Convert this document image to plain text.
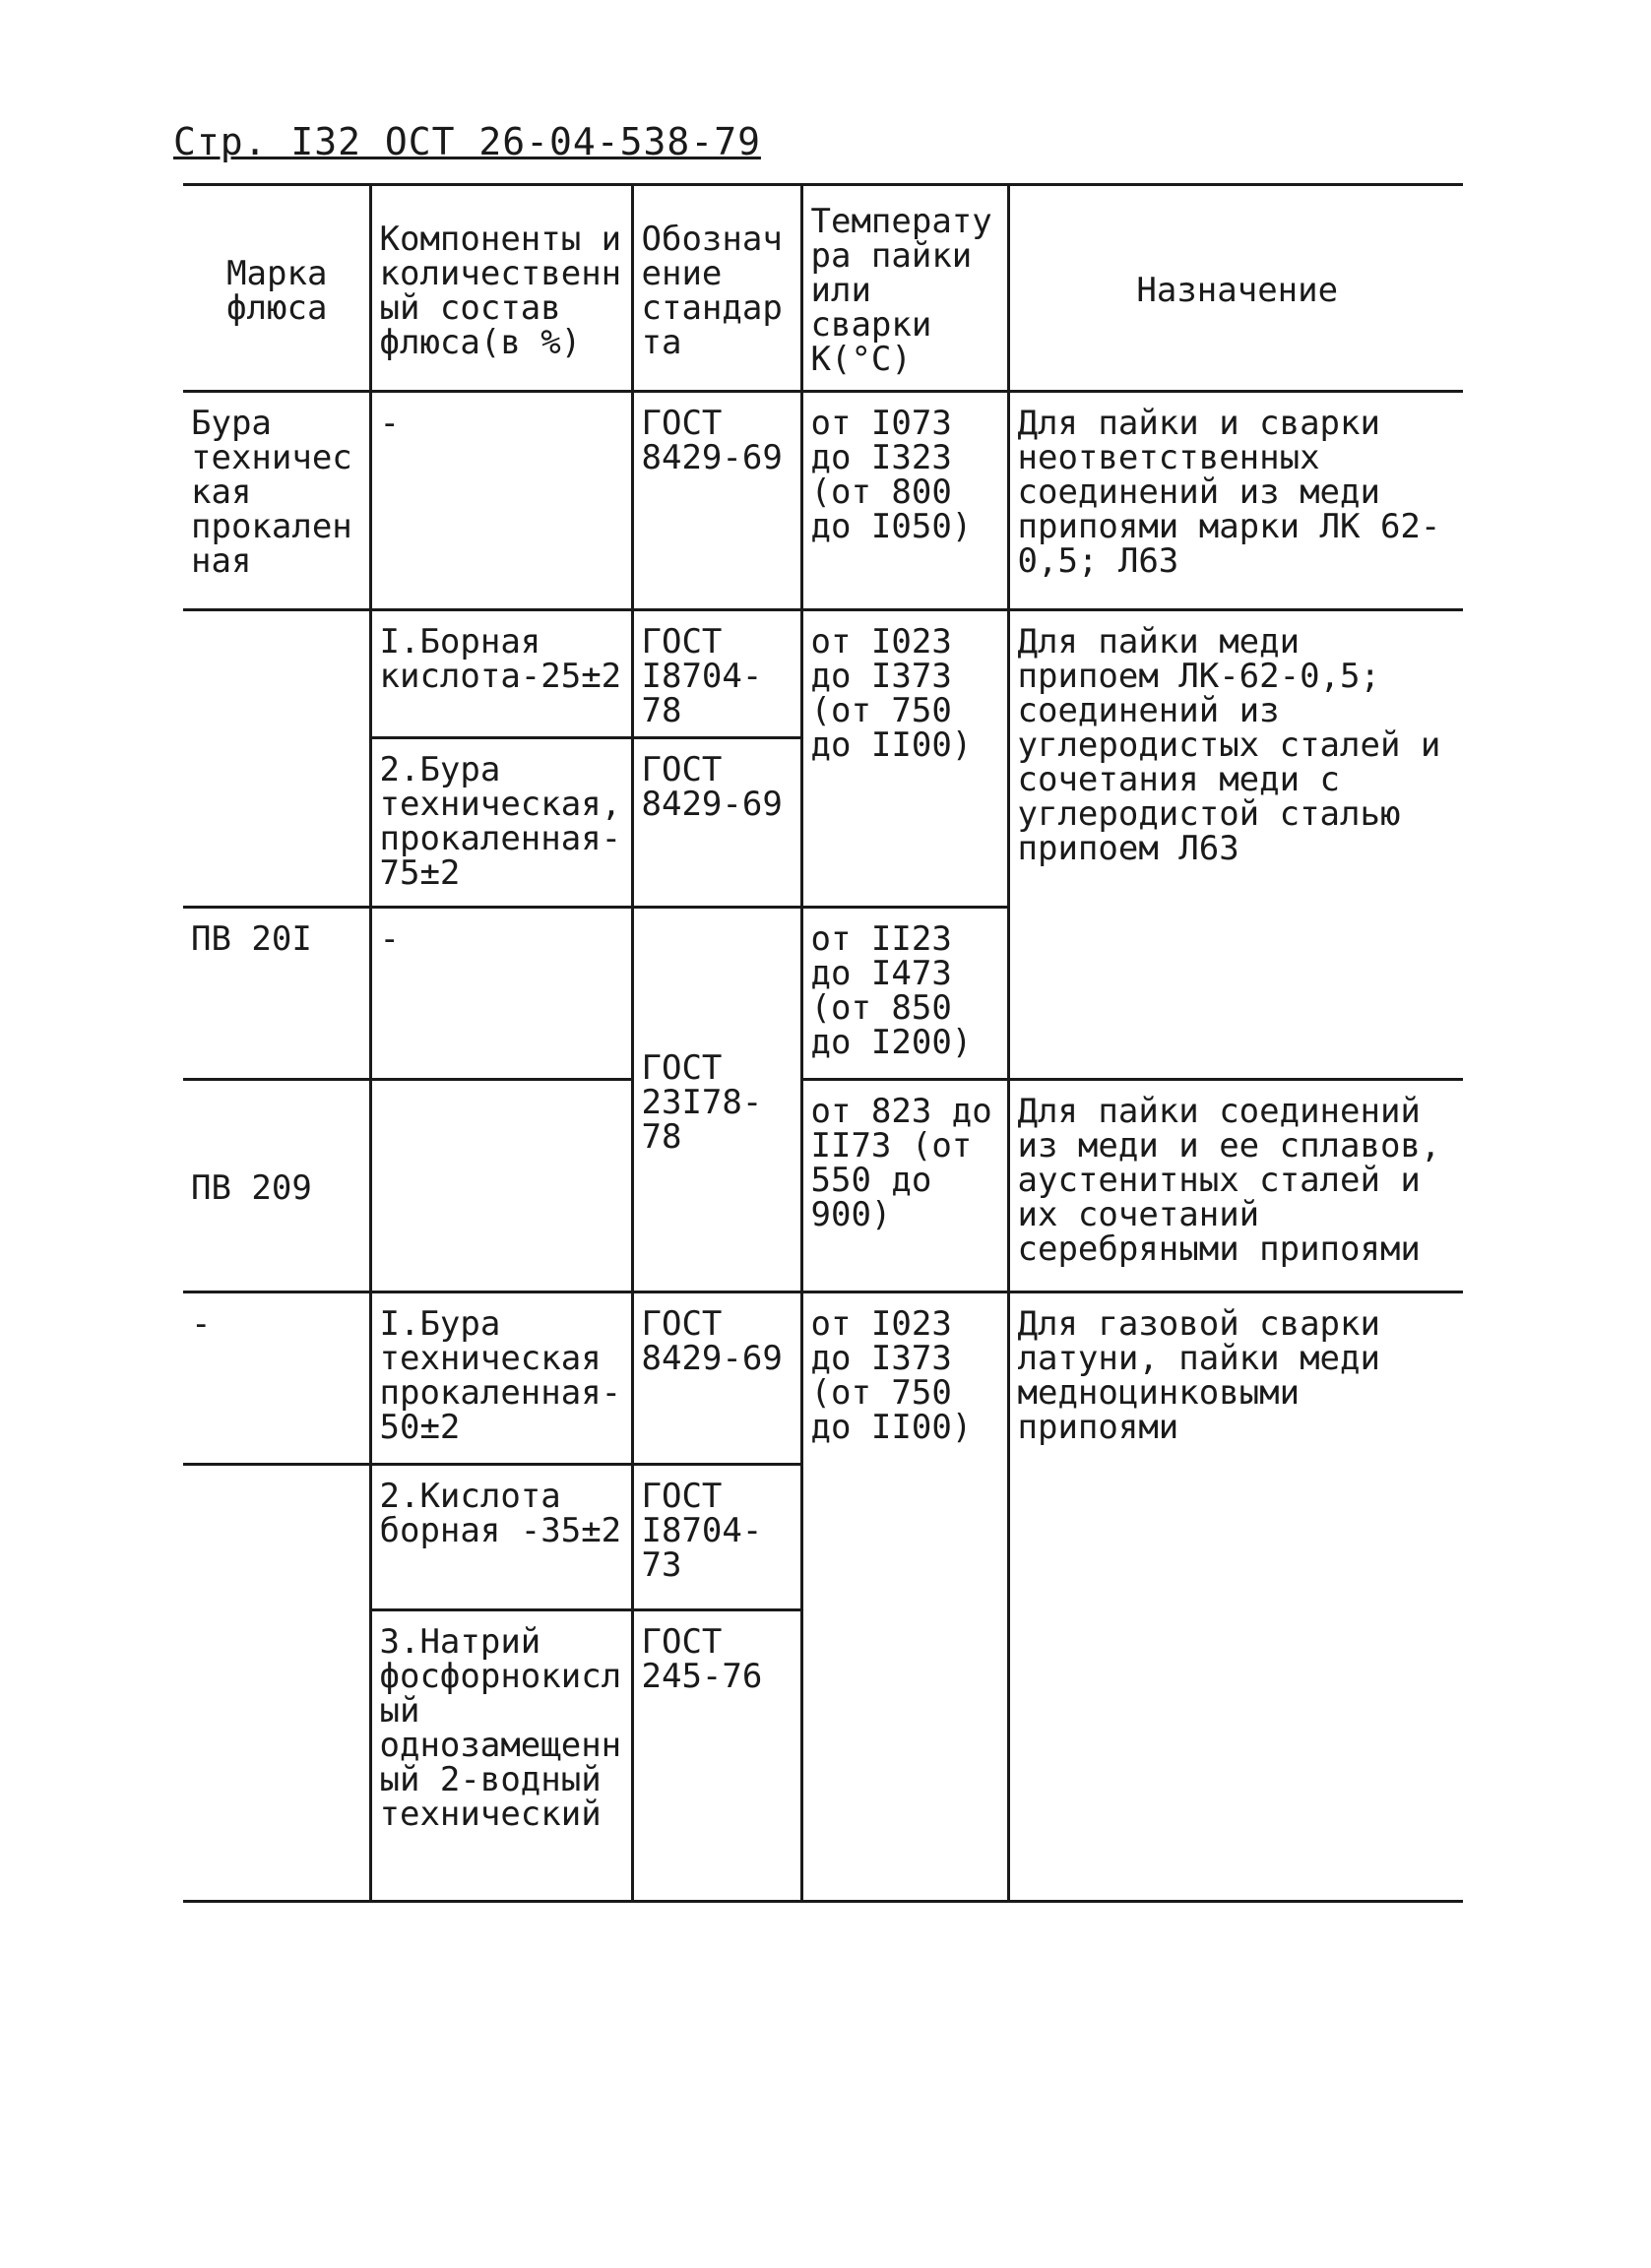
Стр. I32 ОСТ 26-04-538-79
Марка флюса	Компоненты и количественный состав флюса(в %)	Обозначение стандарта	Температура пайки или сварки К(°С)	Назначение
Бура техническая прокаленная	-	ГОСТ 8429-69	от I073 до I323 (от 800 до I050)	Для пайки и сварки неответственных соединений из меди припоями марки ЛК 62-0,5; Л63
	I.Борная кислота-25±2	ГОСТ I8704-78	от I023 до I373 (от 750 до II00)	Для пайки меди припоем ЛК-62-0,5; соединений из углеродистых сталей и сочетания меди с углеродистой сталью припоем Л63
	2.Бура техническая, прокаленная-75±2	ГОСТ 8429-69		
ПВ 20I	-	ГОСТ 23I78-78	от II23 до I473 (от 850 до I200)	
ПВ 209			от 823 до II73 (от 550 до 900)	Для пайки соединений из меди и ее сплавов, аустенитных сталей и их сочетаний серебряными припоями
-	I.Бура техническая прокаленная-50±2	ГОСТ 8429-69	от I023 до I373 (от 750 до II00)	Для газовой сварки латуни, пайки меди медноцинковыми припоями
	2.Кислота борная -35±2	ГОСТ I8704-73		
	3.Натрий фосфорнокислый однозамещенный 2-водный технический	ГОСТ 245-76		
